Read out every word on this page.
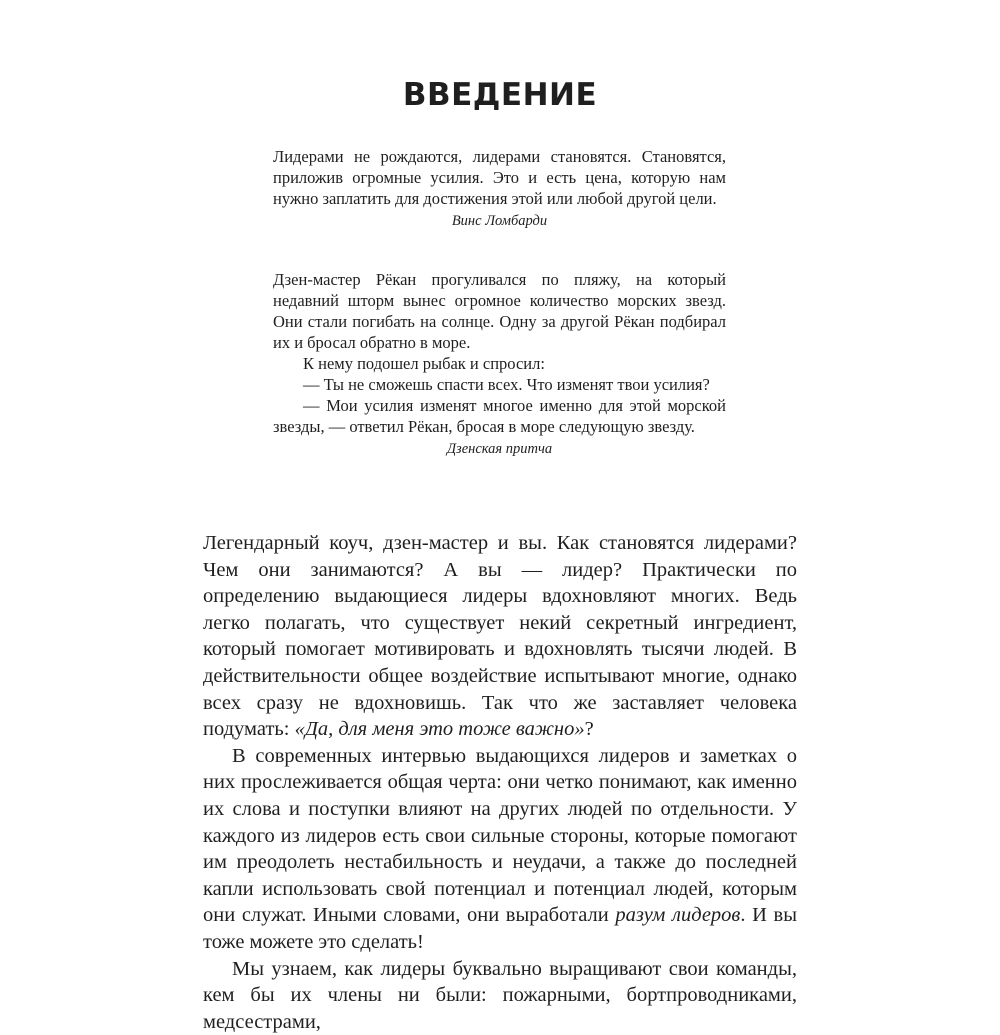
ВВЕДЕНИЕ

Лидерами не рождаются, лидерами становятся. Становятся, приложив огромные усилия. Это и есть цена, которую нам нужно заплатить для достижения этой или любой другой цели.

Винс Ломбарди

Дзен-мастер Рёкан прогуливался по пляжу, на который недавний шторм вынес огромное количество морских звезд. Они стали погибать на солнце. Одну за другой Рёкан подбирал их и бросал обратно в море.

К нему подошел рыбак и спросил:

— Ты не сможешь спасти всех. Что изменят твои усилия?

— Мои усилия изменят многое именно для этой морской звезды, — ответил Рёкан, бросая в море следующую звезду.

Дзенская притча

Легендарный коуч, дзен-мастер и вы. Как становятся лидерами? Чем они занимаются? А вы — лидер? Практически по определению выдающиеся лидеры вдохновляют многих. Ведь легко полагать, что существует некий секретный ингредиент, который помогает мотивировать и вдохновлять тысячи людей. В действительности общее воздействие испытывают многие, однако всех сразу не вдохновишь. Так что же заставляет человека подумать: «Да, для меня это тоже важно»?

В современных интервью выдающихся лидеров и заметках о них прослеживается общая черта: они четко понимают, как именно их слова и поступки влияют на других людей по отдельности. У каждого из лидеров есть свои сильные стороны, которые помогают им преодолеть нестабильность и неудачи, а также до последней капли использовать свой потенциал и потенциал людей, которым они служат. Иными словами, они выработали разум лидеров. И вы тоже можете это сделать!

Мы узнаем, как лидеры буквально выращивают свои команды, кем бы их члены ни были: пожарными, бортпроводниками, медсестрами,
